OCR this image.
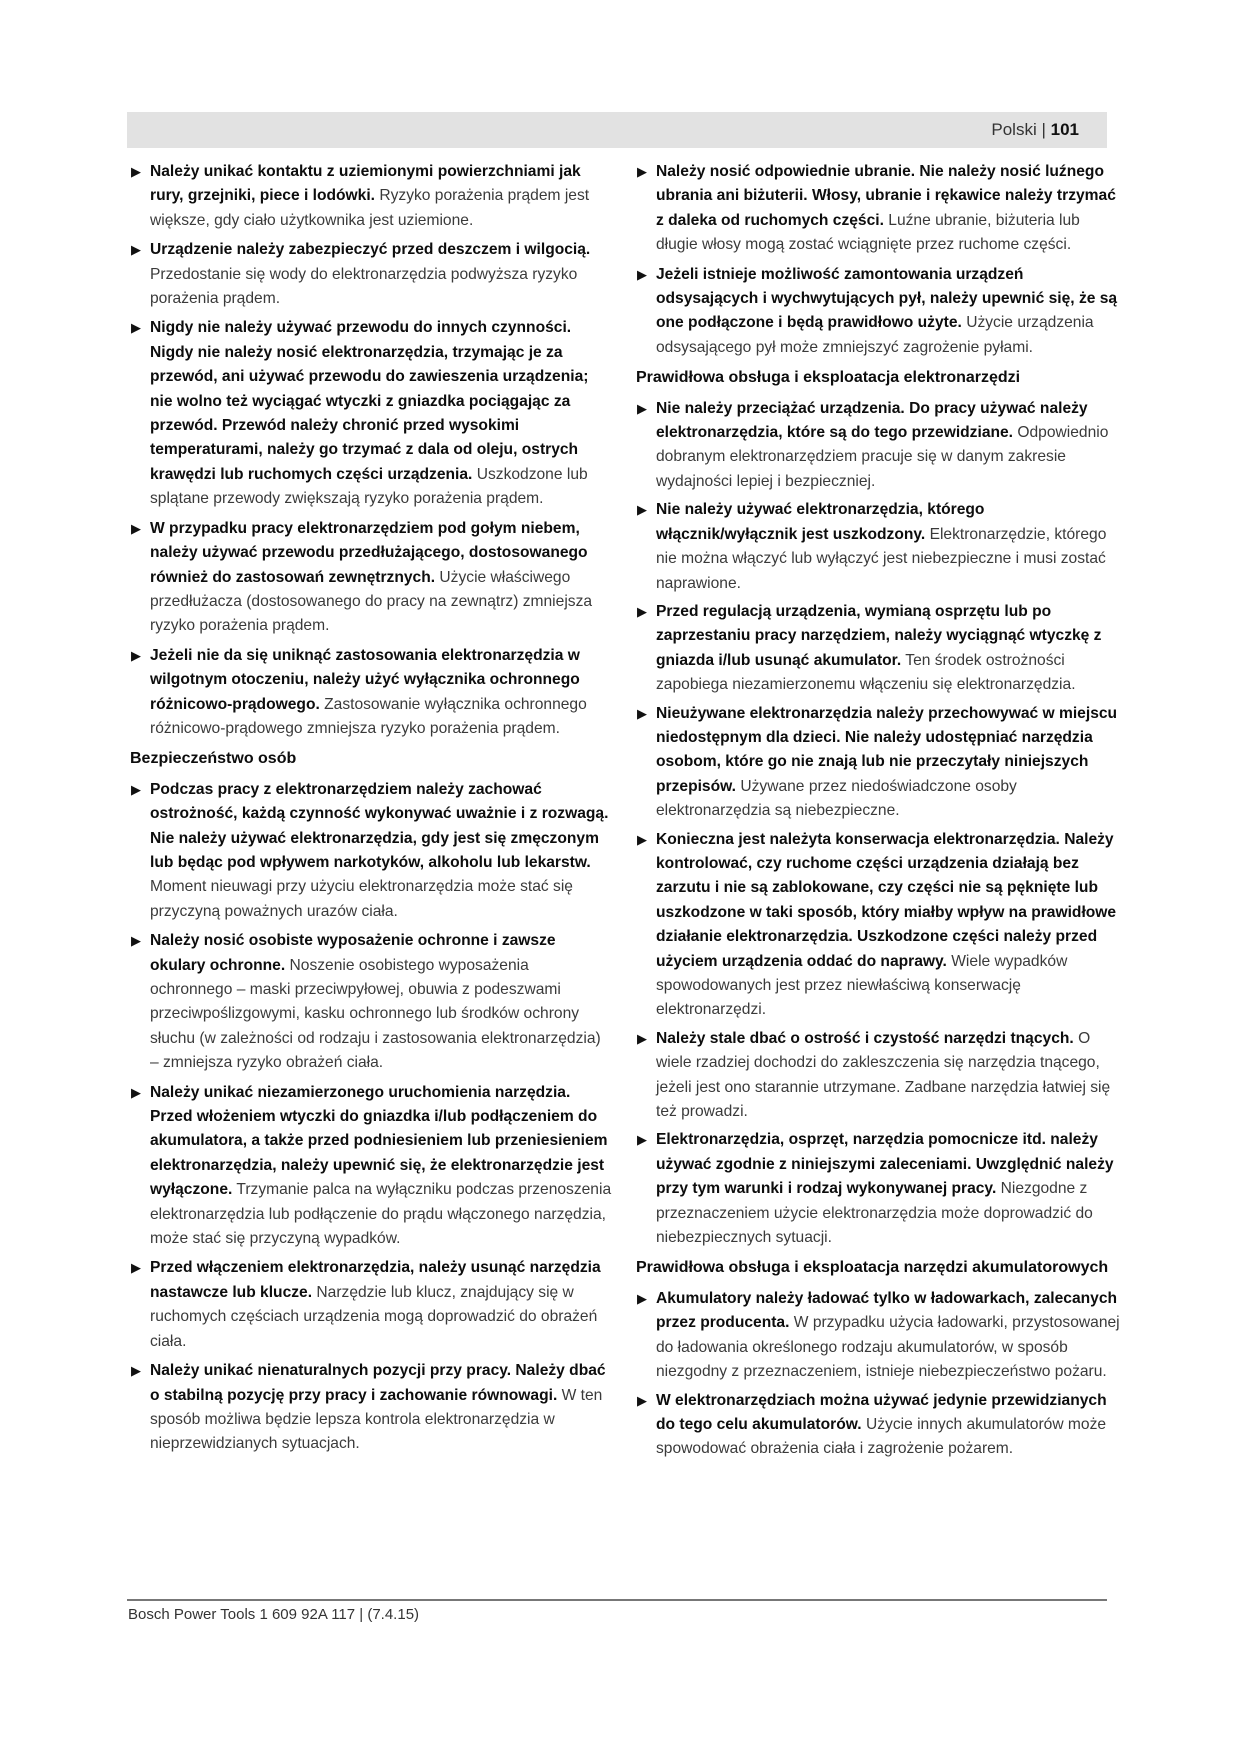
Polski | 101
▶ Należy unikać kontaktu z uziemionymi powierzchniami jak rury, grzejniki, piece i lodówki. Ryzyko porażenia prądem jest większe, gdy ciało użytkownika jest uziemione.
▶ Urządzenie należy zabezpieczyć przed deszczem i wilgocią. Przedostanie się wody do elektronarzędzia podwyższa ryzyko porażenia prądem.
▶ Nigdy nie należy używać przewodu do innych czynności. Nigdy nie należy nosić elektronarzędzia, trzymając je za przewód, ani używać przewodu do zawieszenia urządzenia; nie wolno też wyciągać wtyczki z gniazdka pociągając za przewód. Przewód należy chronić przed wysokimi temperaturami, należy go trzymać z dala od oleju, ostrych krawędzi lub ruchomych części urządzenia. Uszkodzone lub splątane przewody zwiększają ryzyko porażenia prądem.
▶ W przypadku pracy elektronarzędziem pod gołym niebem, należy używać przewodu przedłużającego, dostosowanego również do zastosowań zewnętrznych. Użycie właściwego przedłużacza (dostosowanego do pracy na zewnątrz) zmniejsza ryzyko porażenia prądem.
▶ Jeżeli nie da się uniknąć zastosowania elektronarzędzia w wilgotnym otoczeniu, należy użyć wyłącznika ochronnego różnicowo-prądowego. Zastosowanie wyłącznika ochronnego różnicowo-prądowego zmniejsza ryzyko porażenia prądem.
Bezpieczeństwo osób
▶ Podczas pracy z elektronarzędziem należy zachować ostrożność, każdą czynność wykonywać uważnie i z rozwagą. Nie należy używać elektronarzędzia, gdy jest się zmęczonym lub będąc pod wpływem narkotyków, alkoholu lub lekarstw. Moment nieuwagi przy użyciu elektronarzędzia może stać się przyczyną poważnych urazów ciała.
▶ Należy nosić osobiste wyposażenie ochronne i zawsze okulary ochronne. Noszenie osobistego wyposażenia ochronnego – maski przeciwpyłowej, obuwia z podeszwami przeciwpoślizgowymi, kasku ochronnego lub środków ochrony słuchu (w zależności od rodzaju i zastosowania elektronarzędzia) – zmniejsza ryzyko obrażeń ciała.
▶ Należy unikać niezamierzonego uruchomienia narzędzia. Przed włożeniem wtyczki do gniazdka i/lub podłączeniem do akumulatora, a także przed podniesieniem lub przeniesieniem elektronarzędzia, należy upewnić się, że elektronarzędzie jest wyłączone. Trzymanie palca na wyłączniku podczas przenoszenia elektronarzędzia lub podłączenie do prądu włączonego narzędzia, może stać się przyczyną wypadków.
▶ Przed włączeniem elektronarzędzia, należy usunąć narzędzia nastawcze lub klucze. Narzędzie lub klucz, znajdujący się w ruchomych częściach urządzenia mogą doprowadzić do obrażeń ciała.
▶ Należy unikać nienaturalnych pozycji przy pracy. Należy dbać o stabilną pozycję przy pracy i zachowanie równowagi. W ten sposób możliwa będzie lepsza kontrola elektronarzędzia w nieprzewidzianych sytuacjach.
▶ Należy nosić odpowiednie ubranie. Nie należy nosić luźnego ubrania ani biżuterii. Włosy, ubranie i rękawice należy trzymać z daleka od ruchomych części. Luźne ubranie, biżuteria lub długie włosy mogą zostać wciągnięte przez ruchome części.
▶ Jeżeli istnieje możliwość zamontowania urządzeń odsysających i wychwytujących pył, należy upewnić się, że są one podłączone i będą prawidłowo użyte. Użycie urządzenia odsysającego pył może zmniejszyć zagrożenie pyłami.
Prawidłowa obsługa i eksploatacja elektronarzędzi
▶ Nie należy przeciążać urządzenia. Do pracy używać należy elektronarzędzia, które są do tego przewidziane. Odpowiednio dobranym elektronarzędziem pracuje się w danym zakresie wydajności lepiej i bezpieczniej.
▶ Nie należy używać elektronarzędzia, którego włącznik/wyłącznik jest uszkodzony. Elektronarzędzie, którego nie można włączyć lub wyłączyć jest niebezpieczne i musi zostać naprawione.
▶ Przed regulacją urządzenia, wymianą osprzętu lub po zaprzestaniu pracy narzędziem, należy wyciągnąć wtyczkę z gniazda i/lub usunąć akumulator. Ten środek ostrożności zapobiega niezamierzonemu włączeniu się elektronarzędzia.
▶ Nieużywane elektronarzędzia należy przechowywać w miejscu niedostępnym dla dzieci. Nie należy udostępniać narzędzia osobom, które go nie znają lub nie przeczytały niniejszych przepisów. Używane przez niedoświadczone osoby elektronarzędzia są niebezpieczne.
▶ Konieczna jest należyta konserwacja elektronarzędzia. Należy kontrolować, czy ruchome części urządzenia działają bez zarzutu i nie są zablokowane, czy części nie są pęknięte lub uszkodzone w taki sposób, który miałby wpływ na prawidłowe działanie elektronarzędzia. Uszkodzone części należy przed użyciem urządzenia oddać do naprawy. Wiele wypadków spowodowanych jest przez niewłaściwą konserwację elektronarzędzi.
▶ Należy stale dbać o ostrość i czystość narzędzi tnących. O wiele rzadziej dochodzi do zakleszczenia się narzędzia tnącego, jeżeli jest ono starannie utrzymane. Zadbane narzędzia łatwiej się też prowadzi.
▶ Elektronarzędzia, osprzęt, narzędzia pomocnicze itd. należy używać zgodnie z niniejszymi zaleceniami. Uwzględnić należy przy tym warunki i rodzaj wykonywanej pracy. Niezgodne z przeznaczeniem użycie elektronarzędzia może doprowadzić do niebezpiecznych sytuacji.
Prawidłowa obsługa i eksploatacja narzędzi akumulatorowych
▶ Akumulatory należy ładować tylko w ładowarkach, zalecanych przez producenta. W przypadku użycia ładowarki, przystosowanej do ładowania określonego rodzaju akumulatorów, w sposób niezgodny z przeznaczeniem, istnieje niebezpieczeństwo pożaru.
▶ W elektronarzędziach można używać jedynie przewidzianych do tego celu akumulatorów. Użycie innych akumulatorów może spowodować obrażenia ciała i zagrożenie pożarem.
Bosch Power Tools 1 609 92A 117 | (7.4.15)
